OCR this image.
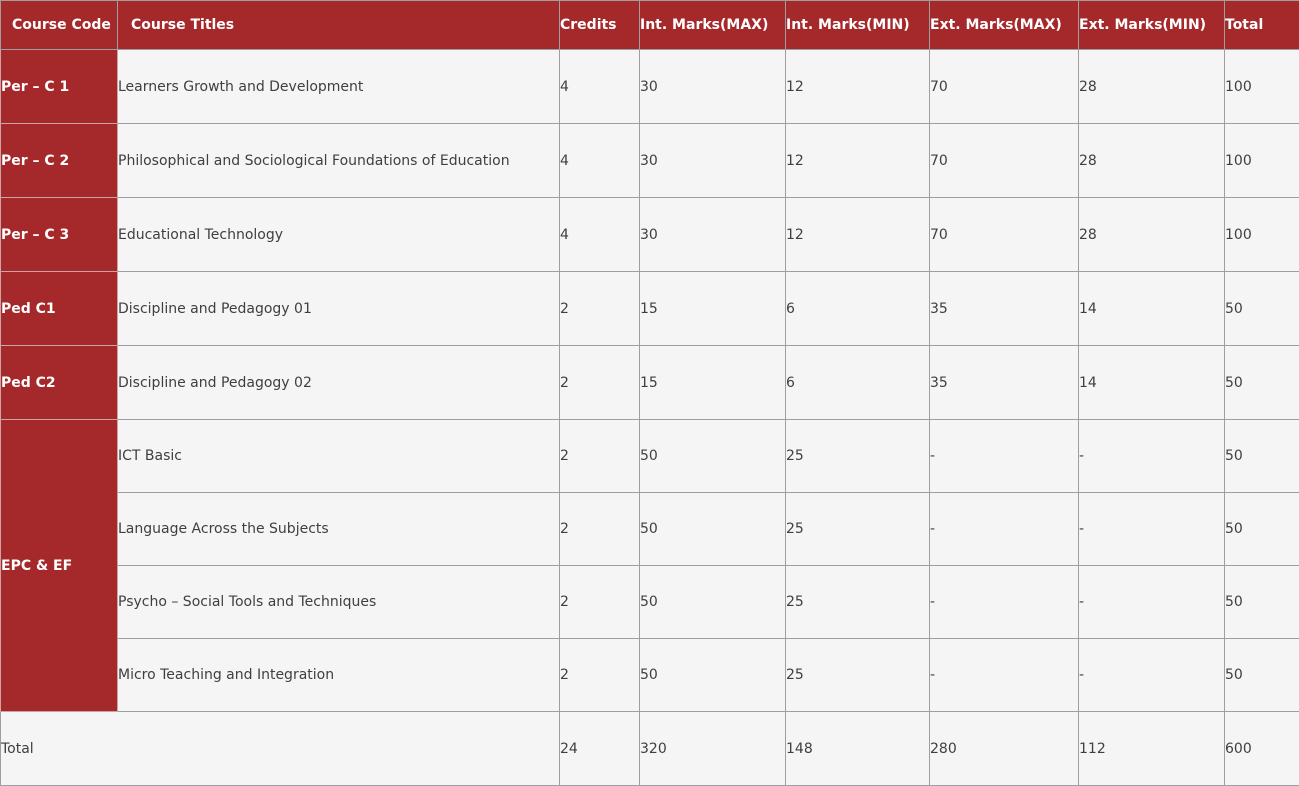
Course Code	Course Titles	Credits	Int. Marks(MAX)	Int. Marks(MIN)	Ext. Marks(MAX)	Ext. Marks(MIN)	Total
Per – C 1	Learners Growth and Development	4	30	12	70	28	100
Per – C 2	Philosophical and Sociological Foundations of Education	4	30	12	70	28	100
Per – C 3	Educational Technology	4	30	12	70	28	100
Ped C1	Discipline and Pedagogy 01	2	15	6	35	14	50
Ped C2	Discipline and Pedagogy 02	2	15	6	35	14	50
EPC & EF	ICT Basic	2	50	25	-	-	50
	Language Across the Subjects	2	50	25	-	-	50
	Psycho – Social Tools and Techniques	2	50	25	-	-	50
	Micro Teaching and Integration	2	50	25	-	-	50
Total		24	320	148	280	112	600
